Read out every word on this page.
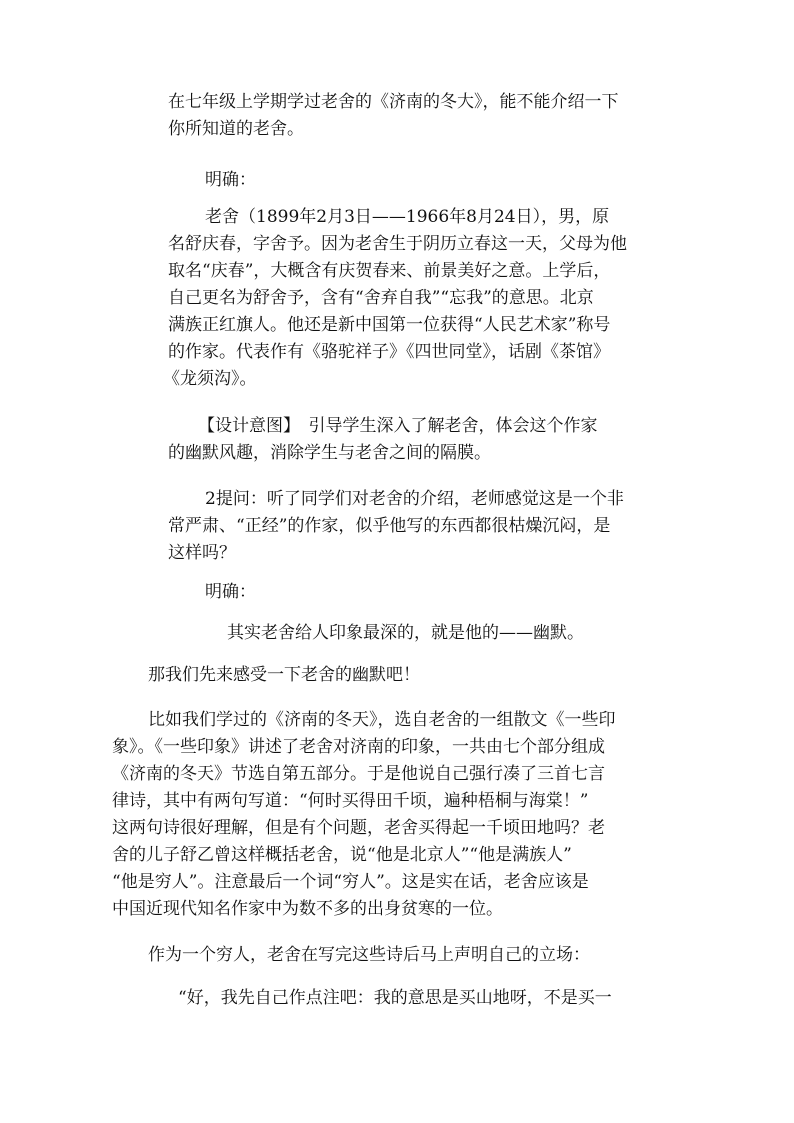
在七年级上学期学过老舍的《济南的冬大》，能不能介绍一下
你所知道的老舍。
明确：
老舍（1899年2月3日——1966年8月24日），男，原
名舒庆春，字舍予。因为老舍生于阴历立春这一天，父母为他
取名“庆春”，大概含有庆贺春来、前景美好之意。上学后，
自己更名为舒舍予，含有“舍弃自我”“忘我”的意思。北京
满族正红旗人。他还是新中国第一位获得“人民艺术家”称号
的作家。代表作有《骆驼祥子》《四世同堂》，话剧《茶馆》
《龙须沟》。
【设计意图】　引导学生深入了解老舍，体会这个作家
的幽默风趣，消除学生与老舍之间的隔膜。
2提问：听了同学们对老舍的介绍，老师感觉这是一个非
常严肃、“正经”的作家，似乎他写的东西都很枯燥沉闷，是
这样吗？
明确：
其实老舍给人印象最深的，就是他的——幽默。
那我们先来感受一下老舍的幽默吧！
比如我们学过的《济南的冬天》，选自老舍的一组散文《一些印
象》。《一些印象》讲述了老舍对济南的印象，一共由七个部分组成
《济南的冬天》节选自第五部分。于是他说自己强行凑了三首七言
律诗，其中有两句写道：“何时买得田千顷，遍种梧桐与海棠！”
这两句诗很好理解，但是有个问题，老舍买得起一千顷田地吗？老
舍的儿子舒乙曾这样概括老舍，说“他是北京人”“他是满族人”
“他是穷人”。注意最后一个词“穷人”。这是实在话，老舍应该是
中国近现代知名作家中为数不多的出身贫寒的一位。
作为一个穷人，老舍在写完这些诗后马上声明自己的立场：
“好，我先自己作点注吧：我的意思是买山地呀，不是买一
